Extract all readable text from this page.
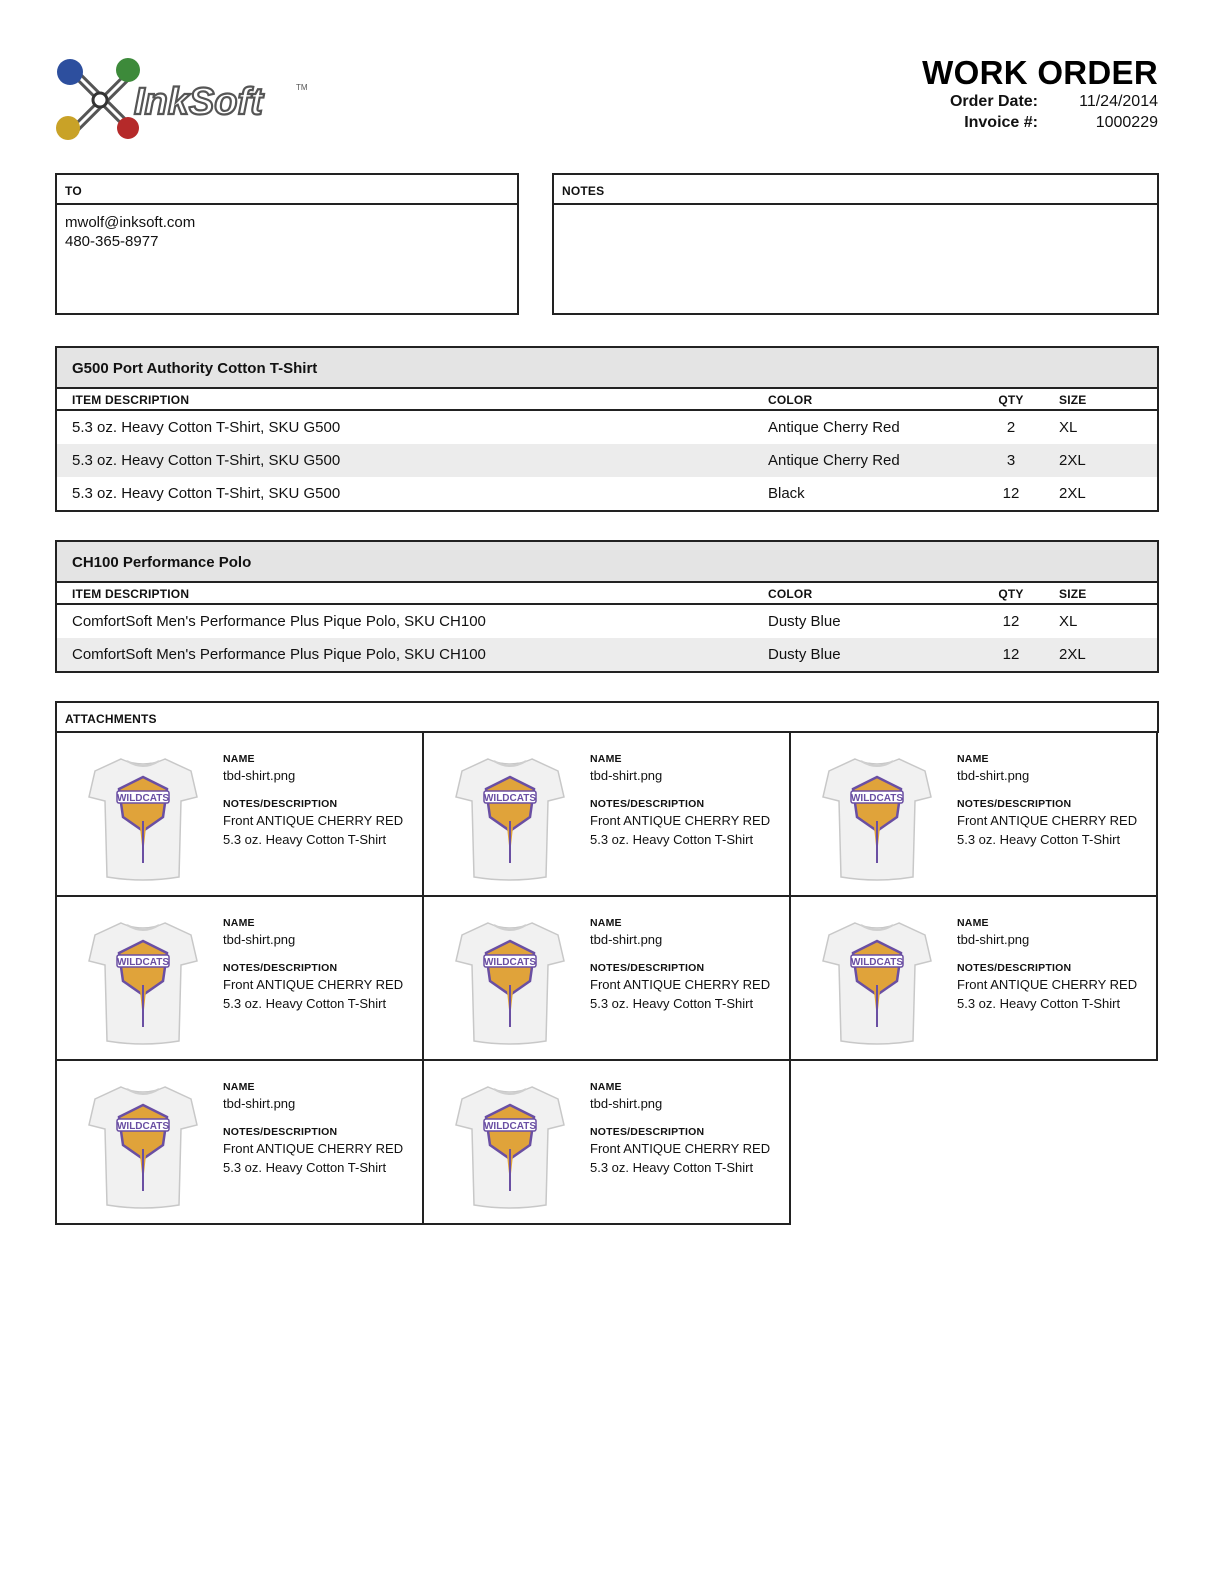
InkSoft	TM	WORK ORDER
Order Date:	11/24/2014
Invoice #:	1000229
TO
mwolf@inksoft.com
480-365-8977
NOTES
G500 Port Authority Cotton T-Shirt
ITEM DESCRIPTION	COLOR	QTY	SIZE
5.3 oz. Heavy Cotton T-Shirt, SKU G500	Antique Cherry Red	2	XL
5.3 oz. Heavy Cotton T-Shirt, SKU G500	Antique Cherry Red	3	2XL
5.3 oz. Heavy Cotton T-Shirt, SKU G500	Black	12	2XL
CH100 Performance Polo
ITEM DESCRIPTION	COLOR	QTY	SIZE
ComfortSoft Men's Performance Plus Pique Polo, SKU CH100	Dusty Blue	12	XL
ComfortSoft Men's Performance Plus Pique Polo, SKU CH100	Dusty Blue	12	2XL
ATTACHMENTS
WILDCATS
NAME
tbd-shirt.png
NOTES/DESCRIPTION
Front ANTIQUE CHERRY RED
5.3 oz. Heavy Cotton T-Shirt
WILDCATS
NAME
tbd-shirt.png
NOTES/DESCRIPTION
Front ANTIQUE CHERRY RED
5.3 oz. Heavy Cotton T-Shirt
WILDCATS
NAME
tbd-shirt.png
NOTES/DESCRIPTION
Front ANTIQUE CHERRY RED
5.3 oz. Heavy Cotton T-Shirt
WILDCATS
NAME
tbd-shirt.png
NOTES/DESCRIPTION
Front ANTIQUE CHERRY RED
5.3 oz. Heavy Cotton T-Shirt
WILDCATS
NAME
tbd-shirt.png
NOTES/DESCRIPTION
Front ANTIQUE CHERRY RED
5.3 oz. Heavy Cotton T-Shirt
WILDCATS
NAME
tbd-shirt.png
NOTES/DESCRIPTION
Front ANTIQUE CHERRY RED
5.3 oz. Heavy Cotton T-Shirt
WILDCATS
NAME
tbd-shirt.png
NOTES/DESCRIPTION
Front ANTIQUE CHERRY RED
5.3 oz. Heavy Cotton T-Shirt
WILDCATS
NAME
tbd-shirt.png
NOTES/DESCRIPTION
Front ANTIQUE CHERRY RED
5.3 oz. Heavy Cotton T-Shirt
